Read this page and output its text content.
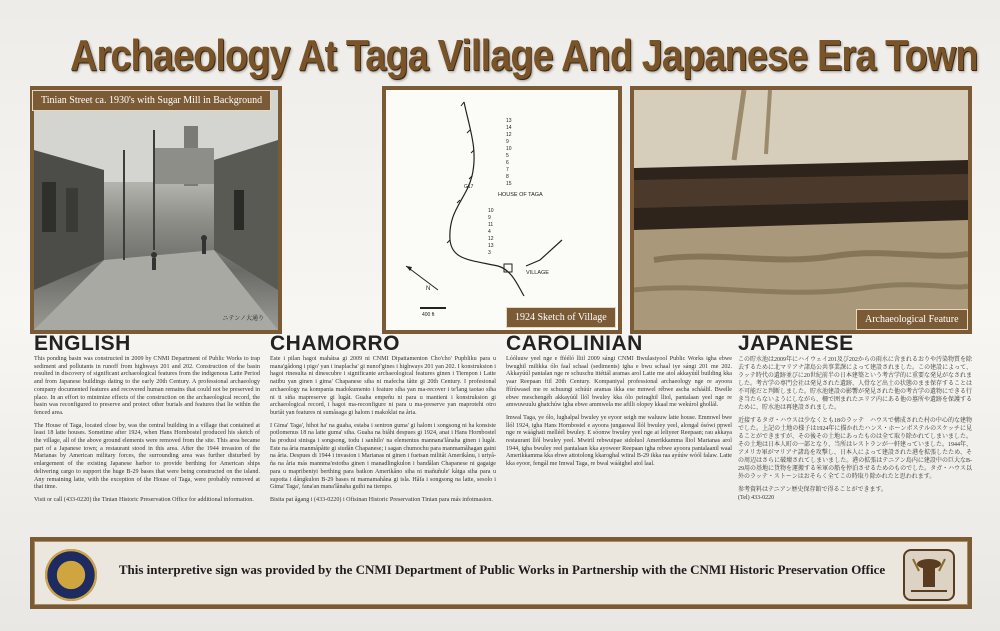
Archaeology At Taga Village And Japanese Era Town
ニテンノ大通り
Tinian Street ca. 1930's with Sugar Mill in Background
13
14
12
9
10
5
6
7
8
15
G17
HOUSE OF TAGA
10
9
11
4
12
13
3
VILLAGE
N
400 ft	1924 Sketch of Village	Archaeological Feature
ENGLISH	CHAMORRO	CAROLINIAN	JAPANESE

This ponding basin was constructed in 2009 by CNMI Department of Public Works to trap sediment and pollutants in runoff from highways 201 and 202. Construction of the basin resulted in discovery of significant archaeological features from the indigenous Latte Period and from Japanese buildings dating to the early 20th Century. A professional archaeology company documented features and recovered human remains that could not be preserved in place. In an effort to minimize effects of the construction on the archaeological record, the basin was reconfigured to preserve and protect other burials and features that lie within the fenced area.

The House of Taga, located close by, was the central building in a village that contained at least 18 latte houses. Sometime after 1924, when Hans Hornbostel produced his sketch of the village, all of the above ground elements were removed from the site. This area became part of a Japanese town; a restaurant stood in this area. After the 1944 invasion of the Marianas by American military forces, the surrounding area was further disturbed by enlargement of the existing Japanese harbor to provide berthing for American ships delivering cargo to support the huge B-29 bases that were being constructed on the island. Any remaining latte, with the exception of the House of Taga, were probably removed at that time.

Visit or call (433-0220) the Tinian Historic Preservation Office for additional information.

Este i pilan hagoi mahátsa gi 2009 ni CNMI Dipattamenton Cho'cho' Pupbliku para u mana'gådong i pigo' yan i inaplacha' gi nunof'gines i highways 201 yan 202. I konstruksion i hagoi rinesulta ni dinescubre i significante archaeological features ginen i Tiempon i Latte natibu yan ginen i gima' Chapanese siha ni mafecha tåtte gi 20th Century. I profesional archaeology na kompania madokumento i feature siha yan ma-recover i te'lang taotao siha ni ti siña mapreserve gi lugåt. Guaha empeñu ni para u mantieni i konstruksion gi archaeological record, i hagoi ma-reconfigure ni para u ma-preserve yan maprotehi otro buriåt yan features ni sumåsaga gi halom i makoklat na åria.

I Gima' Taga', hihot ha' na guaha, estaba i sentron guma' gi halom i songsong ni ha konsiste potlomenus 18 na latte guma' siha. Guaha na biåhi despues gi 1924, anai i Hans Hornbostel ha produsi sinisga i songsong, todu i sanhilo' na elementus mannana'lånaha ginen i lugåt. Este na åria manmåpåtte gi siudån Chapanese; i sagan chumochu para manmamåhagan gaini na åria. Despues di 1944 i invasion i Marianas ni ginen i fuetsan militåt Amerikånu, i uriyå-ña na åria más mannma'estotba ginen i manadlingkulon i bandålan Chapanese ni gagaige para u mapribeniyi berthing para batkon Amerikåno siha ni mañuñule' kåtga siha para u supotta i dångkulon B-29 bases ni mamamahåna gi isla. Håfa i songsong na latte, sesolo i Gima' Taga', fana'an mana'lånaha guihi na tiempo.

Bisita pat ågang i (433-0220) i Ofisinan Historic Preservation Tinian para más infotmasion.

Lóóluuw yeel nge e ffééló lliil 2009 sángi CNMI Bwulasiyool Public Works igha ebwe bwughil milikka ólo faal schaal (sediments) igha e bwu schaal iye sángi 201 me 202. Akkayúúl pantalan nge re schuschu ittéttál aramas arol Latte me atol akkayúúl building kka yaar Reepaan fiil 20th Century. Kompaniyal professional archaeology nge re ayoora ffírúwasel me re schuungi schúúr aramas ikka ese mmwel rébwe ascha scháálil. Bwelle ebwe meschengéh akkayúúl llól bwuley kka ólo peiraghil lliol, pantalaan yeel nge re amwuwuulu ghatchúw igha ebwe ammwela me afilli olopey kkaal me wekúrol ghollál.

Imwal Taga, ye ólo, lughalpal bwuley ye eyoor seigh me waluuw latte house. Emmwel bwe llól 1924, igha Hans Hornbostel e ayoora jungaswal llól bwuley yeel, alongal ósówi ppwel nge re wáághati melléél bwuley. E sóomw bwuley yeel nge ai leliyeer Reepaan; rau akkaya restaurant llól bwuley yeel. Mwiril rebwuipae sidoluol Amerikkamma lliol Marianas arol 1944, igha bwuley reel pantalaan kka ayoweer Reepaan igha rebwe ayoora pantalaanil waal Amerikkamma kka ebwe attotolong kkaroghal wiiral B-29 ikka raa ayúúw wóól falaw. Latte kka eyoor, fengál me Imwal Taga, re bwal wááighel atol laal.

この貯水池は2009年にハイウェイ201及び202からの雨水に含まれるおりや汚染物質を除去するために北マリアナ諸島公共事業課によって建設されました。この建設によって、ラッテ時代の遺跡並びに20世紀前半の日本建築という考古学的に重要な発見がなされました。考古学の専門会社は発見された遺跡、人骨など出土の状態のまま保存することは不可能だと判断しました。貯水池建設の影響が発見された他の考古学の遺物にできる行き当たらないようにしながら、柵で囲まれたエリア内にある他の墓所や遺跡を保護するために、貯水池は再建設されました。

近接するタガ・ハウスは少なくとも18のラッテ　ハウスで構成された村の中心的な建物でした。上記の土地の様子は1924年に描かれたハンス・ホーンボステルのスケッチに見ることができますが、その後その土地にあったものは全て取り除かれてしまいました。その土地は日本人町の一部となり、当所はレストランが一軒建っていました。1944年、アメリカ軍がマリアナ諸島を攻撃し、日本人によって建設された港を拡張したため、その周辺はさらに破壊されてしまいました。港の拡張はテニアン島内に建設中の巨大なB-29用の基地に貨物を運搬する米軍の船を停泊させるためのものでした。タガ・ハウス以外のラッテ・ストーンはおそらく全てこの時取り除かれたと思われます。

参考資料はテニアン歴史保存館で得ることができます。
(Tel) 433-0220

This interpretive sign was provided by the CNMI Department of Public Works in Partnership with the CNMI Historic Preservation Office
